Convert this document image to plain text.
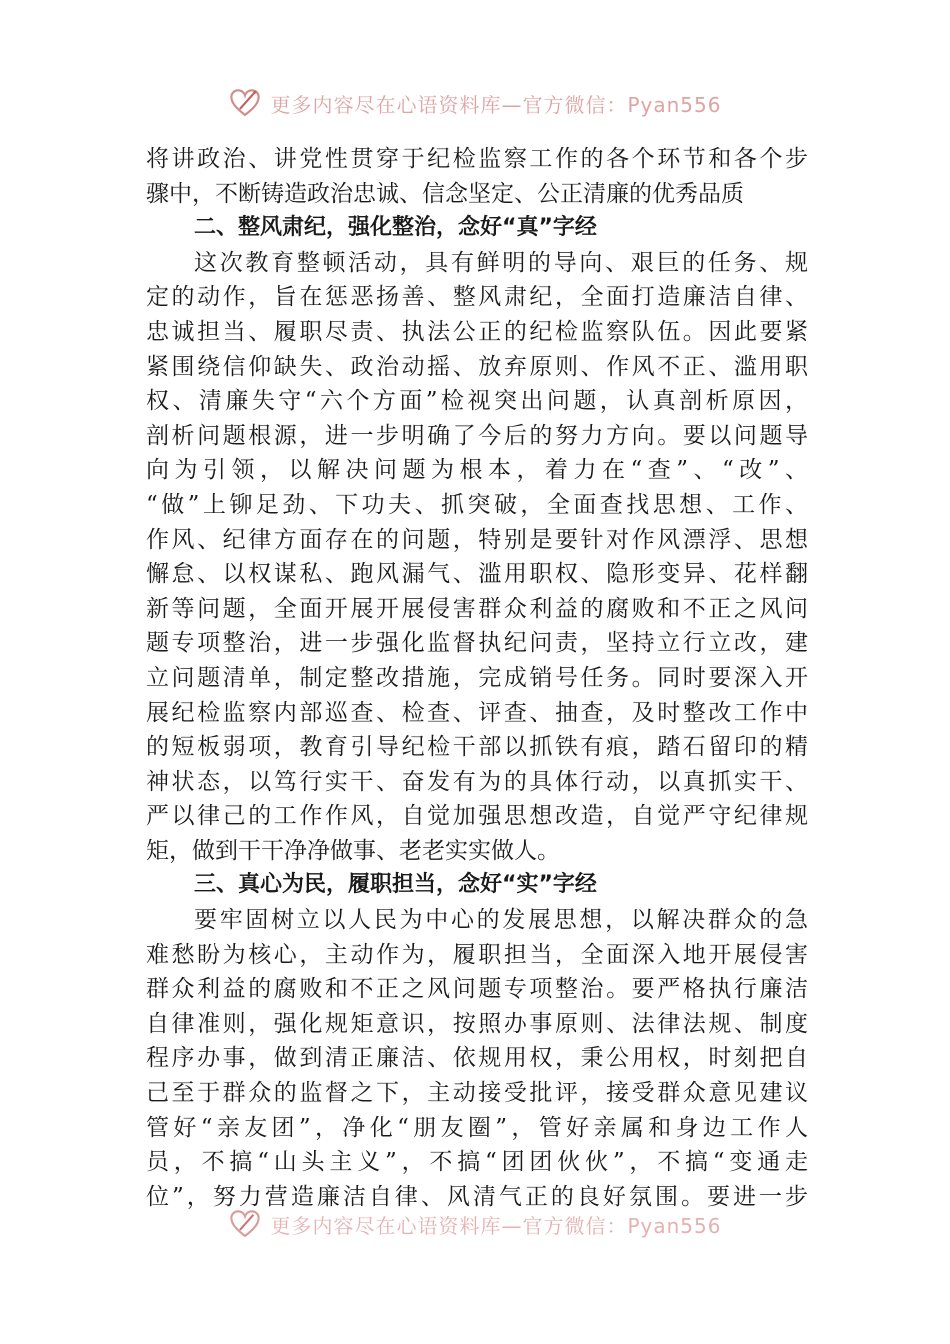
更多内容尽在心语资料库—官方微信：Pyan556
将讲政治、讲党性贯穿于纪检监察工作的各个环节和各个步
骤中，不断铸造政治忠诚、信念坚定、公正清廉的优秀品质
二、整风肃纪，强化整治，念好“真”字经
这次教育整顿活动，具有鲜明的导向、艰巨的任务、规
定的动作，旨在惩恶扬善、整风肃纪，全面打造廉洁自律、
忠诚担当、履职尽责、执法公正的纪检监察队伍。因此要紧
紧围绕信仰缺失、政治动摇、放弃原则、作风不正、滥用职
权、清廉失守“六个方面”检视突出问题，认真剖析原因，
剖析问题根源，进一步明确了今后的努力方向。要以问题导
向为引领，以解决问题为根本，着力在“查”、“改”、
“做”上铆足劲、下功夫、抓突破，全面查找思想、工作、
作风、纪律方面存在的问题，特别是要针对作风漂浮、思想
懈怠、以权谋私、跑风漏气、滥用职权、隐形变异、花样翻
新等问题，全面开展开展侵害群众利益的腐败和不正之风问
题专项整治，进一步强化监督执纪问责，坚持立行立改，建
立问题清单，制定整改措施，完成销号任务。同时要深入开
展纪检监察内部巡查、检查、评查、抽查，及时整改工作中
的短板弱项，教育引导纪检干部以抓铁有痕，踏石留印的精
神状态，以笃行实干、奋发有为的具体行动，以真抓实干、
严以律己的工作作风，自觉加强思想改造，自觉严守纪律规
矩，做到干干净净做事、老老实实做人。
三、真心为民，履职担当，念好“实”字经
要牢固树立以人民为中心的发展思想，以解决群众的急
难愁盼为核心，主动作为，履职担当，全面深入地开展侵害
群众利益的腐败和不正之风问题专项整治。要严格执行廉洁
自律准则，强化规矩意识，按照办事原则、法律法规、制度
程序办事，做到清正廉洁、依规用权，秉公用权，时刻把自
己至于群众的监督之下，主动接受批评，接受群众意见建议
管好“亲友团”，净化“朋友圈”，管好亲属和身边工作人
员，不搞“山头主义”，不搞“团团伙伙”，不搞“变通走
位”，努力营造廉洁自律、风清气正的良好氛围。要进一步
更多内容尽在心语资料库—官方微信：Pyan556
